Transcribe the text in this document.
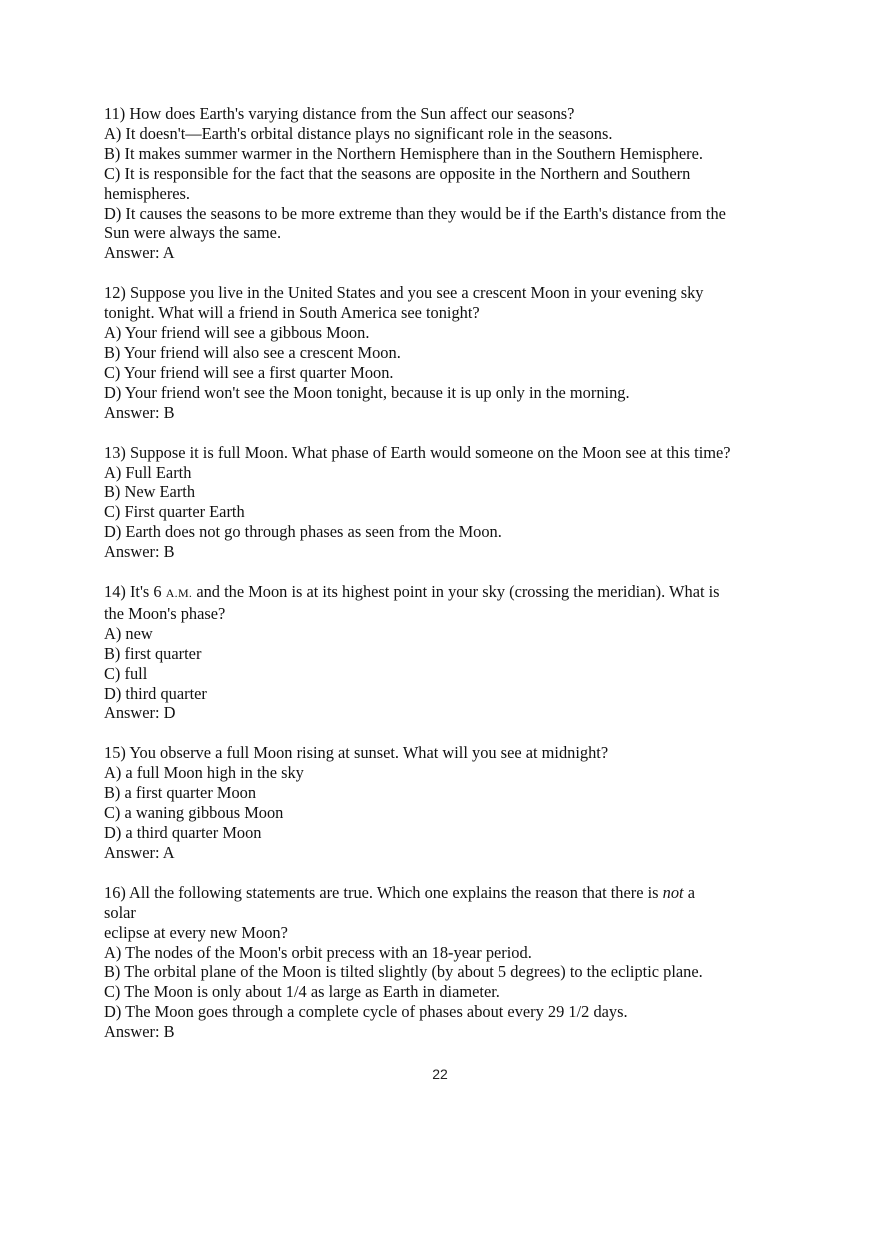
11) How does Earth's varying distance from the Sun affect our seasons?
A) It doesn't—Earth's orbital distance plays no significant role in the seasons.
B) It makes summer warmer in the Northern Hemisphere than in the Southern Hemisphere.
C) It is responsible for the fact that the seasons are opposite in the Northern and Southern
hemispheres.
D) It causes the seasons to be more extreme than they would be if the Earth's distance from the
Sun were always the same.
Answer: A
12) Suppose you live in the United States and you see a crescent Moon in your evening sky
tonight. What will a friend in South America see tonight?
A) Your friend will see a gibbous Moon.
B) Your friend will also see a crescent Moon.
C) Your friend will see a first quarter Moon.
D) Your friend won't see the Moon tonight, because it is up only in the morning.
Answer: B
13) Suppose it is full Moon. What phase of Earth would someone on the Moon see at this time?
A) Full Earth
B) New Earth
C) First quarter Earth
D) Earth does not go through phases as seen from the Moon.
Answer: B
14) It's 6 A.M. and the Moon is at its highest point in your sky (crossing the meridian). What is
the Moon's phase?
A) new
B) first quarter
C) full
D) third quarter
Answer: D
15) You observe a full Moon rising at sunset. What will you see at midnight?
A) a full Moon high in the sky
B) a first quarter Moon
C) a waning gibbous Moon
D) a third quarter Moon
Answer: A
16) All the following statements are true. Which one explains the reason that there is not a
solar
eclipse at every new Moon?
A) The nodes of the Moon's orbit precess with an 18-year period.
B) The orbital plane of the Moon is tilted slightly (by about 5 degrees) to the ecliptic plane.
C) The Moon is only about 1/4 as large as Earth in diameter.
D) The Moon goes through a complete cycle of phases about every 29 1/2 days.
Answer: B
22
